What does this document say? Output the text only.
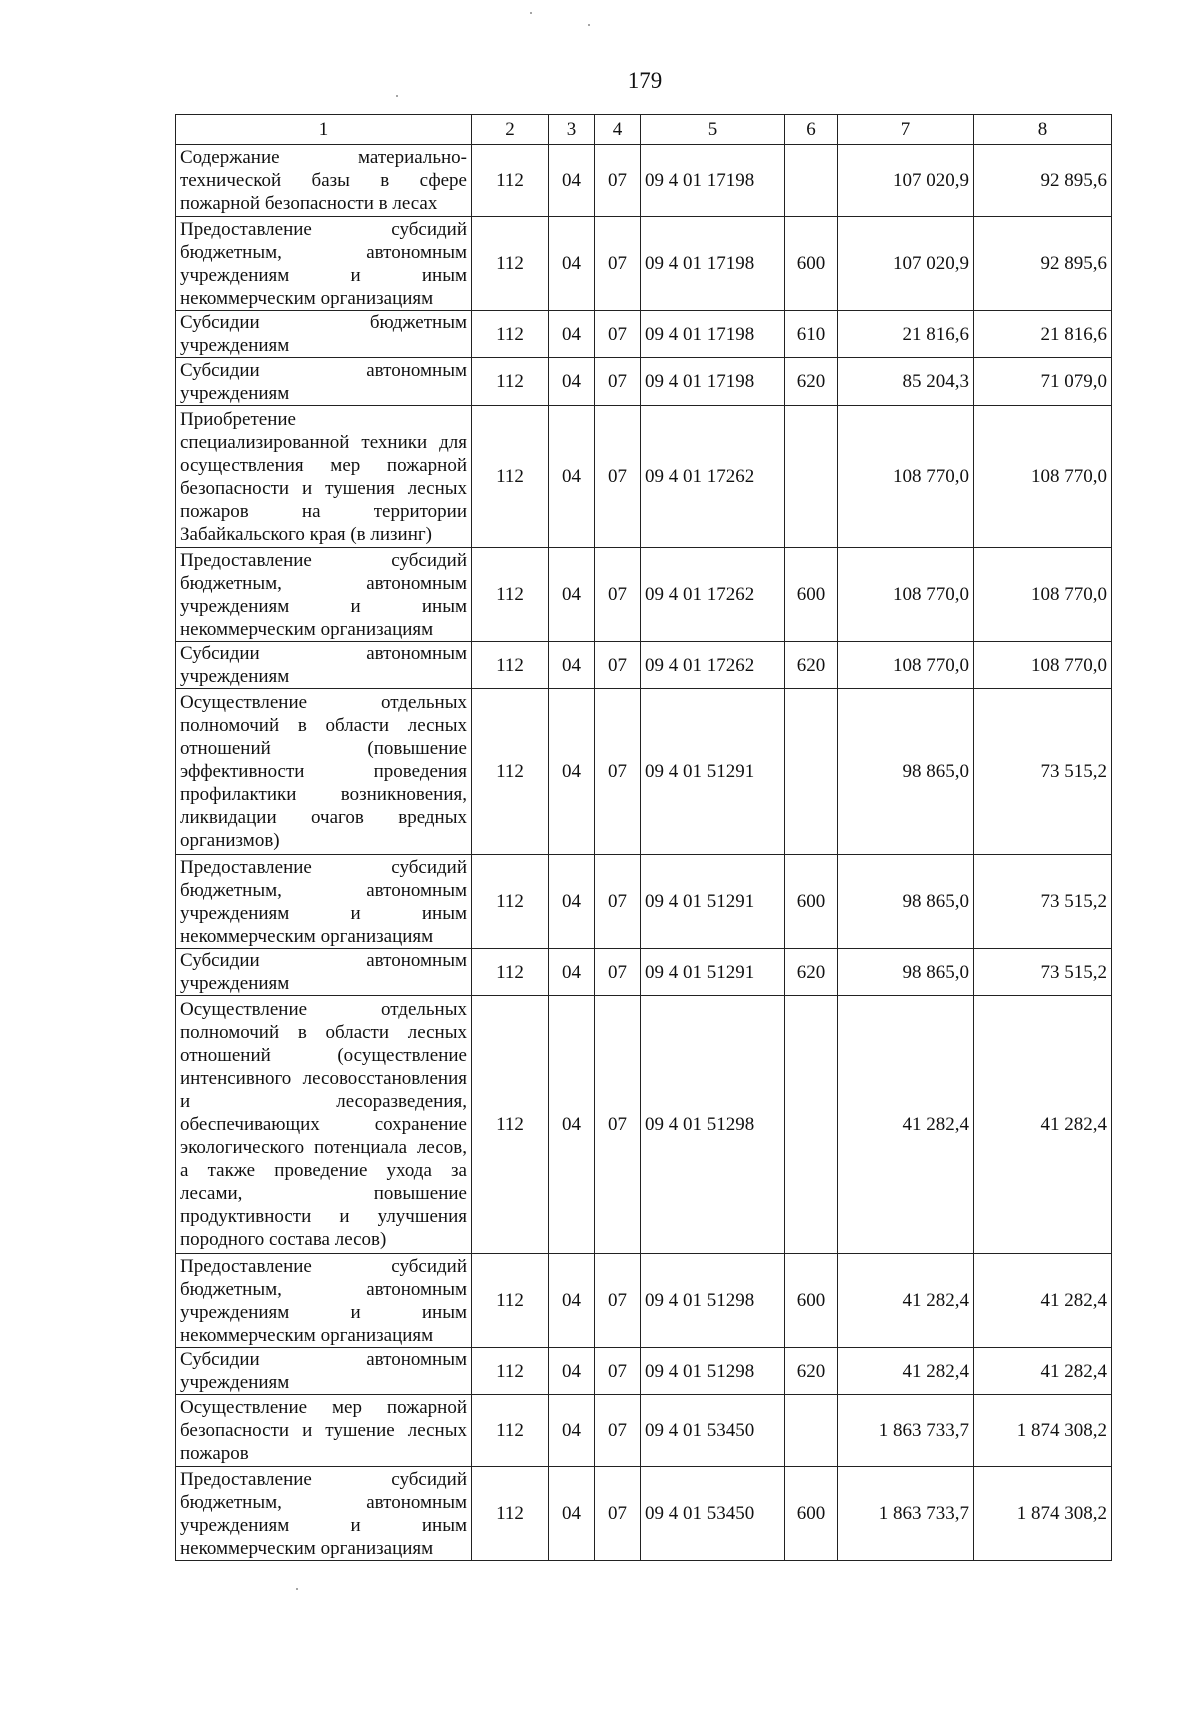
179
1	2	3	4	5	6	7	8
Содержание материально-технической базы в сфере пожарной безопасности в лесах	112	04	07	09 4 01 17198		107 020,9	92 895,6
Предоставление субсидий бюджетным, автономным учреждениям и иным некоммерческим организациям	112	04	07	09 4 01 17198	600	107 020,9	92 895,6
Субсидии бюджетным учреждениям	112	04	07	09 4 01 17198	610	21 816,6	21 816,6
Субсидии автономным учреждениям	112	04	07	09 4 01 17198	620	85 204,3	71 079,0
Приобретение специализированной техники для осуществления мер пожарной безопасности и тушения лесных пожаров на территории Забайкальского края (в лизинг)	112	04	07	09 4 01 17262		108 770,0	108 770,0
Предоставление субсидий бюджетным, автономным учреждениям и иным некоммерческим организациям	112	04	07	09 4 01 17262	600	108 770,0	108 770,0
Субсидии автономным учреждениям	112	04	07	09 4 01 17262	620	108 770,0	108 770,0
Осуществление отдельных полномочий в области лесных отношений (повышение эффективности проведения профилактики возникновения, ликвидации очагов вредных организмов)	112	04	07	09 4 01 51291		98 865,0	73 515,2
Предоставление субсидий бюджетным, автономным учреждениям и иным некоммерческим организациям	112	04	07	09 4 01 51291	600	98 865,0	73 515,2
Субсидии автономным учреждениям	112	04	07	09 4 01 51291	620	98 865,0	73 515,2
Осуществление отдельных полномочий в области лесных отношений (осуществление интенсивного лесовосстановления и лесоразведения, обеспечивающих сохранение экологического потенциала лесов, а также проведение ухода за лесами, повышение продуктивности и улучшения породного состава лесов)	112	04	07	09 4 01 51298		41 282,4	41 282,4
Предоставление субсидий бюджетным, автономным учреждениям и иным некоммерческим организациям	112	04	07	09 4 01 51298	600	41 282,4	41 282,4
Субсидии автономным учреждениям	112	04	07	09 4 01 51298	620	41 282,4	41 282,4
Осуществление мер пожарной безопасности и тушение лесных пожаров	112	04	07	09 4 01 53450		1 863 733,7	1 874 308,2
Предоставление субсидий бюджетным, автономным учреждениям и иным некоммерческим организациям	112	04	07	09 4 01 53450	600	1 863 733,7	1 874 308,2
